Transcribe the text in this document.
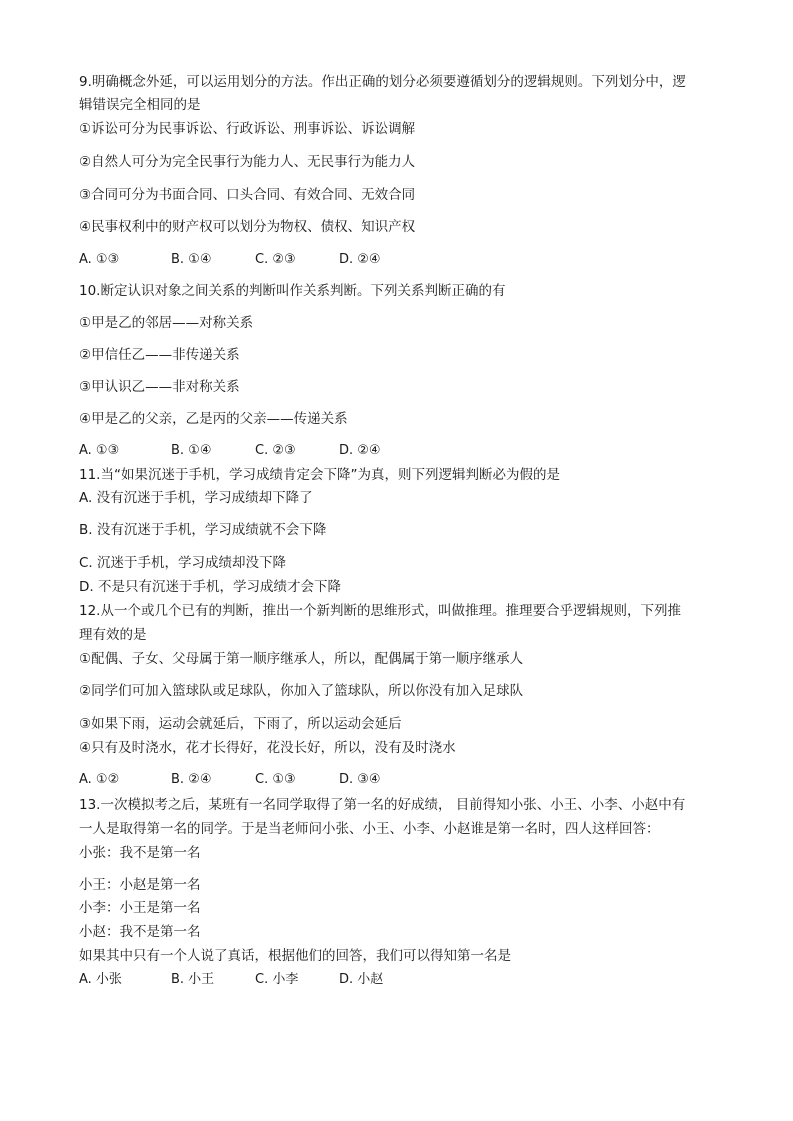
9.明确概念外延，可以运用划分的方法。作出正确的划分必须要遵循划分的逻辑规则。下列划分中，逻
辑错误完全相同的是
①诉讼可分为民事诉讼、行政诉讼、刑事诉讼、诉讼调解
②自然人可分为完全民事行为能力人、无民事行为能力人
③合同可分为书面合同、口头合同、有效合同、无效合同
④民事权利中的财产权可以划分为物权、债权、知识产权
A. ①③	B. ①④	C. ②③	D. ②④
10.断定认识对象之间关系的判断叫作关系判断。下列关系判断正确的有
①甲是乙的邻居——对称关系
②甲信任乙——非传递关系
③甲认识乙——非对称关系
④甲是乙的父亲，乙是丙的父亲——传递关系
A. ①③	B. ①④	C. ②③	D. ②④
11.当“如果沉迷于手机，学习成绩肯定会下降”为真，则下列逻辑判断必为假的是
A. 没有沉迷于手机，学习成绩却下降了
B. 没有沉迷于手机，学习成绩就不会下降
C. 沉迷于手机，学习成绩却没下降
D. 不是只有沉迷于手机，学习成绩才会下降
12.从一个或几个已有的判断，推出一个新判断的思维形式，叫做推理。推理要合乎逻辑规则，下列推
理有效的是
①配偶、子女、父母属于第一顺序继承人，所以，配偶属于第一顺序继承人
②同学们可加入篮球队或足球队，你加入了篮球队，所以你没有加入足球队
③如果下雨，运动会就延后，下雨了，所以运动会延后
④只有及时浇水，花才长得好，花没长好，所以，没有及时浇水
A. ①②	B. ②④	C. ①③	D. ③④
13.一次模拟考之后，某班有一名同学取得了第一名的好成绩， 目前得知小张、小王、小李、小赵中有
一人是取得第一名的同学。于是当老师问小张、小王、小李、小赵谁是第一名时，四人这样回答：
小张：我不是第一名
小王：小赵是第一名
小李：小王是第一名
小赵：我不是第一名
如果其中只有一个人说了真话，根据他们的回答，我们可以得知第一名是
A. 小张	B. 小王	C. 小李	D. 小赵
